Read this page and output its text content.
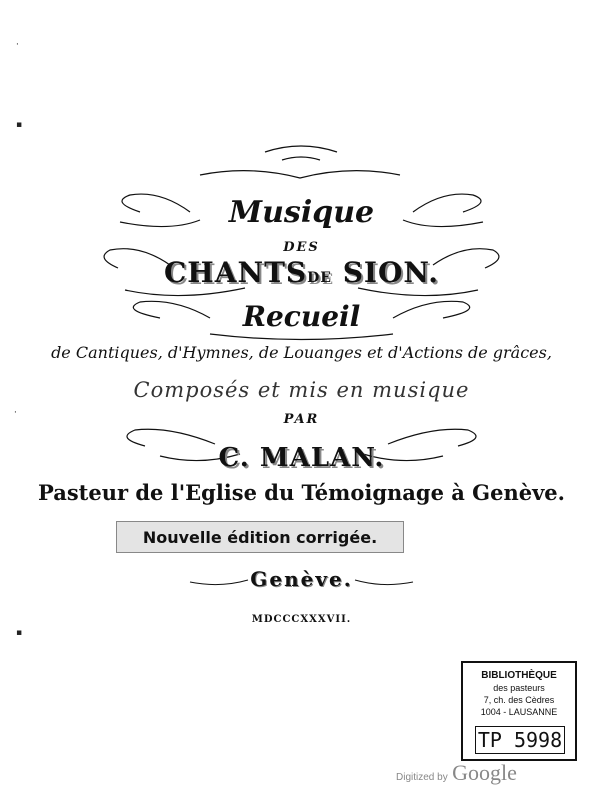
·
▪
·
▪
Musique
DES
CHANTSDE SION.
Recueil
de Cantiques, d'Hymnes, de Louanges et d'Actions de grâces,
Composés et mis en musique
PAR
C. MALAN.
Pasteur de l'Eglise du Témoignage à Genève.
Nouvelle édition corrigée.
Genève.
MDCCCXXXVII.
BIBLIOTHÈQUE
des pasteurs
7, ch. des Cèdres
1004 - LAUSANNE
TP 5998
Digitized by Google
